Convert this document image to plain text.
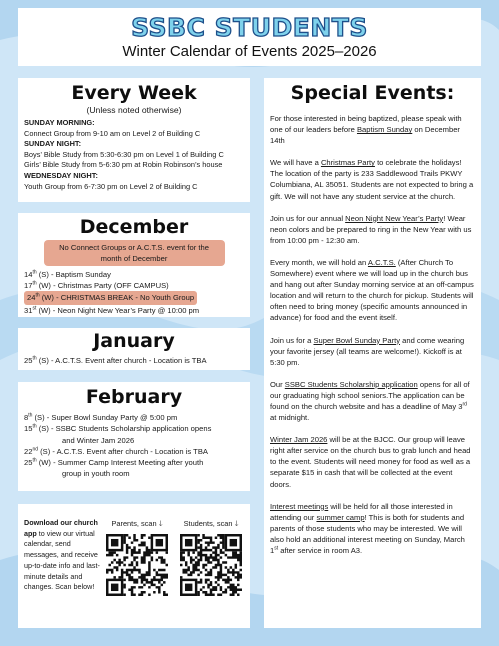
SSBC STUDENTS
Winter Calendar of Events 2025–2026
Every Week
(Unless noted otherwise)
SUNDAY MORNING:
Connect Group from 9-10 am on Level 2 of Building C
SUNDAY NIGHT:
Boys’ Bible Study from 5:30-6:30 pm on Level 1 of Building C
Girls’ Bible Study from 5-6:30 pm at Robin Robinson’s house
WEDNESDAY NIGHT:
Youth Group from 6-7:30 pm on Level 2 of Building C
December
No Connect Groups or A.C.T.S. event for the month of December
14th (S) - Baptism Sunday
17th (W) - Christmas Party (OFF CAMPUS)
24th (W) - CHRISTMAS BREAK - No Youth Group
31st (W) - Neon Night New Year’s Party @ 10:00 pm
January
25th (S) - A.C.T.S. Event after church - Location is TBA
February
8th (S) - Super Bowl Sunday Party @ 5:00 pm
15th (S) - SSBC Students Scholarship application opens
and Winter Jam 2026
22nd (S) - A.C.T.S. Event after church - Location is TBA
25th (W) - Summer Camp Interest Meeting after youth
group in youth room
Download our church app to view our virtual calendar, send messages, and receive up-to-date info and last-minute details and changes. Scan below!
Parents, scan 🡓	Students, scan 🡓
Special Events:

For those interested in being baptized, please speak with one of our leaders before Baptism Sunday on December 14th

We will have a Christmas Party to celebrate the holidays! The location of the party is 233 Saddlewood Trails PKWY Columbiana, AL 35051. Students are not expected to bring a gift. We will not have any student service at the church.

Join us for our annual Neon Night New Year’s Party! Wear neon colors and be prepared to ring in the New Year with us from 10:00 pm - 12:30 am.

Every month, we will hold an A.C.T.S. (After Church To Somewhere) event where we will load up in the church bus and hang out after Sunday morning service at an off-campus location and will return to the church for pickup. Students will often need to bring money (specific amounts announced in advance) for food and the event itself.

Join us for a Super Bowl Sunday Party and come wearing your favorite jersey (all teams are welcome!). Kickoff is at 5:30 pm.

Our SSBC Students Scholarship application opens for all of our graduating high school seniors.The application can be found on the church website and has a deadline of May 3rd at midnight.

Winter Jam 2026 will be at the BJCC. Our group will leave right after service on the church bus to grab lunch and head to the event. Students will need money for food as well as a separate $15 in cash that will be collected at the event doors.

Interest meetings will be held for all those interested in attending our summer camp! This is both for students and parents of those students who may be interested. We will also hold an additional interest meeting on Sunday, March 1st after service in room A3.
